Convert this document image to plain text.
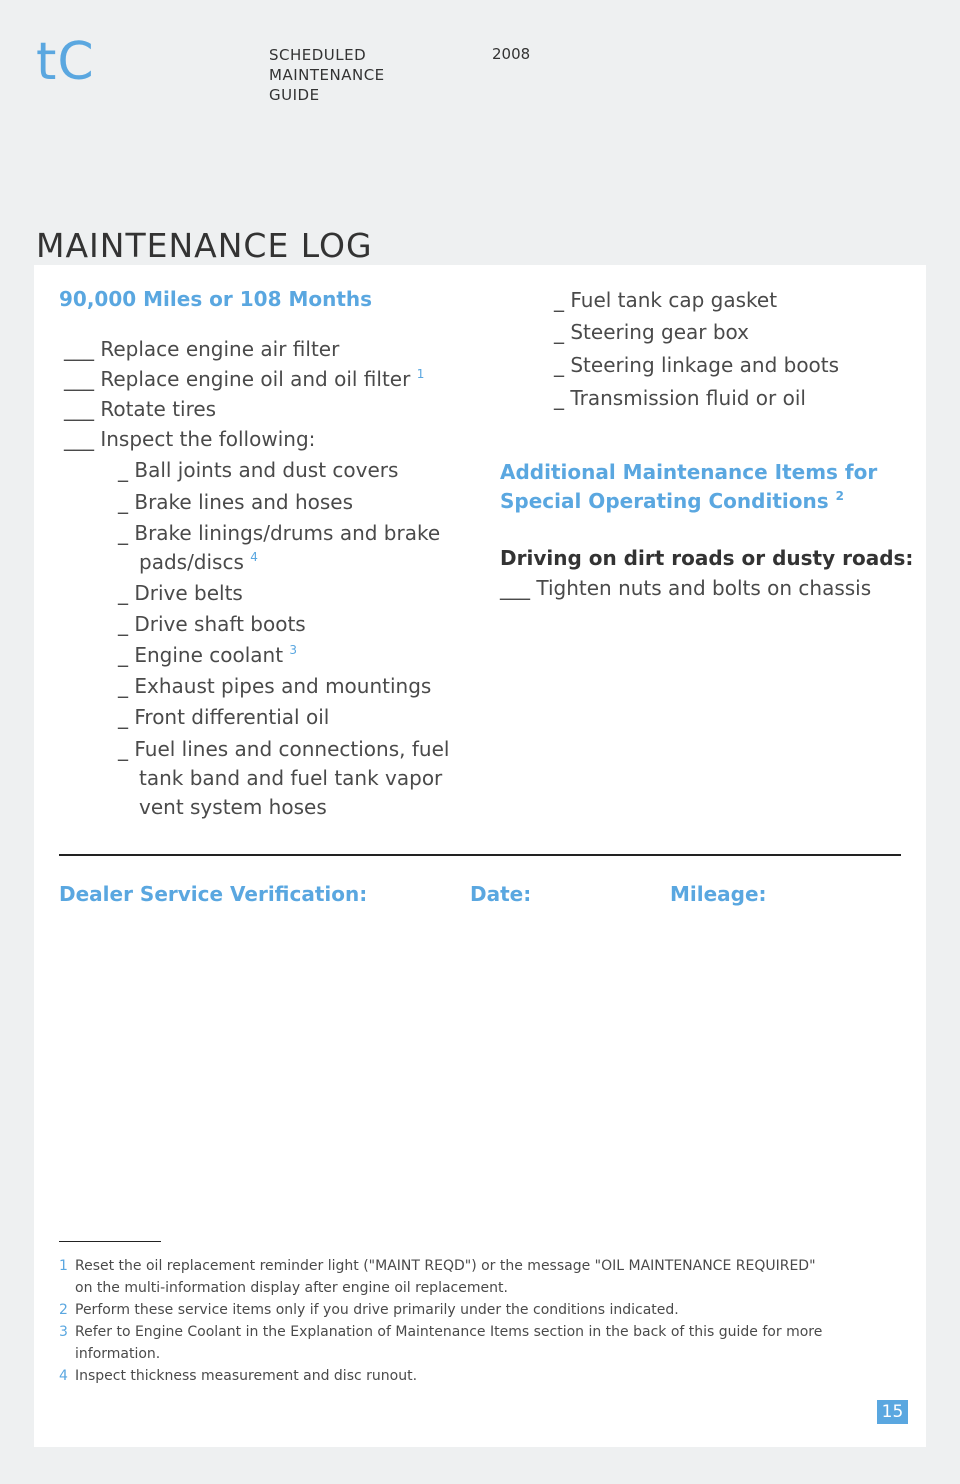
tC	SCHEDULED
MAINTENANCE
GUIDE
2008
MAINTENANCE LOG
90,000 Miles or 108 Months
___ Replace engine air filter
___ Replace engine oil and oil filter $^1$
___ Rotate tires
___ Inspect the following:
_ Ball joints and dust covers
_ Brake lines and hoses
_ Brake linings/drums and brake
pads/discs $^4$
_ Drive belts
_ Drive shaft boots
_ Engine coolant $^3$
_ Exhaust pipes and mountings
_ Front differential oil
_ Fuel lines and connections, fuel
tank band and fuel tank vapor
vent system hoses
_ Fuel tank cap gasket
_ Steering gear box
_ Steering linkage and boots
_ Transmission fluid or oil
Additional Maintenance Items for
Special Operating Conditions $^2$
Driving on dirt roads or dusty roads:
___ Tighten nuts and bolts on chassis
Dealer Service Verification:	Date:	Mileage:
1 Reset the oil replacement reminder light ("MAINT REQD") or the message "OIL MAINTENANCE REQUIRED"
on the multi-information display after engine oil replacement.
2 Perform these service items only if you drive primarily under the conditions indicated.
3 Refer to Engine Coolant in the Explanation of Maintenance Items section in the back of this guide for more
information.
4 Inspect thickness measurement and disc runout.
15
